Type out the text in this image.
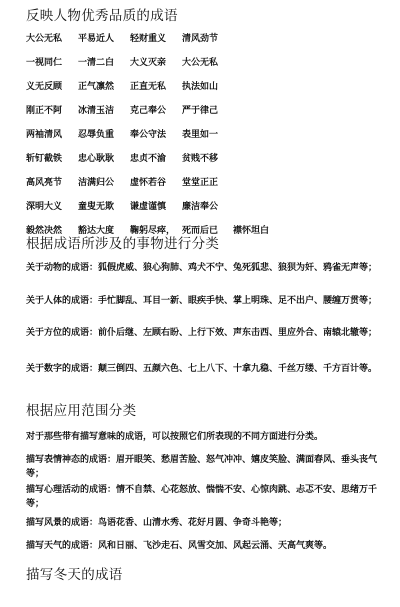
反映人物优秀品质的成语
大公无私 平易近人 轻财重义 清风劲节
一视同仁 一清二白 大义灭亲 大公无私
义无反顾 正气凛然 正直无私 执法如山
刚正不阿 冰清玉洁 克己奉公 严于律己
两袖清风 忍辱负重 奉公守法 表里如一
斩钉截铁 忠心耿耿 忠贞不渝 贫贱不移
高风亮节 洁满归公 虚怀若谷 堂堂正正
深明大义 童叟无欺 谦虚谨慎 廉洁奉公
毅然决然 豁达大度 鞠躬尽瘁， 死而后已 襟怀坦白
根据成语所涉及的事物进行分类

关于动物的成语：狐假虎威、狼心狗肺、鸡犬不宁、兔死狐悲、狼狈为奸、鸦雀无声等；

关于人体的成语：手忙脚乱、耳目一新、眼疾手快、掌上明珠、足不出户、腰缠万贯等；

关于方位的成语：前仆后继、左顾右盼、上行下效、声东击西、里应外合、南辕北辙等；

关于数字的成语：颠三倒四、五颜六色、七上八下、十拿九稳、千丝万缕、千方百计等。

根据应用范围分类

对于那些带有描写意味的成语，可以按照它们所表现的不同方面进行分类。

描写表情神态的成语：眉开眼笑、愁眉苦脸、怒气冲冲、嬉皮笑脸、满面春风、垂头丧气等；

描写心理活动的成语：情不自禁、心花怒放、惴惴不安、心惊肉跳、忐忑不安、思绪万千等；

描写风景的成语：鸟语花香、山清水秀、花好月圆、争奇斗艳等；

描写天气的成语：风和日丽、飞沙走石、风雪交加、风起云涌、天高气爽等。

描写冬天的成语
